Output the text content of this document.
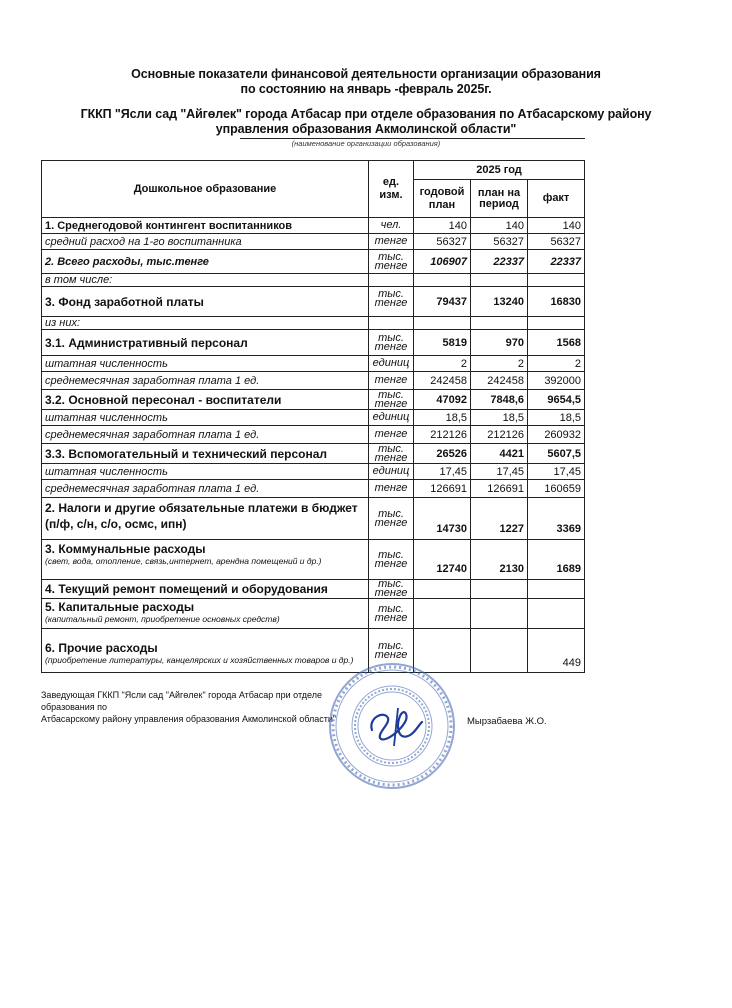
Основные показатели финансовой деятельности организации образования
по состоянию на январь -февраль 2025г.
ГККП "Ясли сад "Айгөлек" города Атбасар при отделе образования по Атбасарскому району
управления образования Акмолинской области"
(наименование организации образования)
Дошкольное образование	ед. изм.	2025 год		
		годовой план	план на период	факт
1. Среднегодовой контингент воспитанников	чел.	140	140	140
средний расход на 1-го воспитанника	тенге	56327	56327	56327
2. Всего расходы, тыс.тенге	тыс. тенге	106907	22337	22337
в том числе:				
3. Фонд заработной платы	тыс. тенге	79437	13240	16830
из них:				
3.1. Административный персонал	тыс. тенге	5819	970	1568
штатная численность	единиц	2	2	2
среднемесячная заработная плата 1 ед.	тенге	242458	242458	392000
3.2. Основной пересонал - воспитатели	тыс. тенге	47092	7848,6	9654,5
штатная численность	единиц	18,5	18,5	18,5
среднемесячная заработная плата 1 ед.	тенге	212126	212126	260932
3.3. Вспомогательный и технический персонал	тыс. тенге	26526	4421	5607,5
штатная численность	единиц	17,45	17,45	17,45
среднемесячная заработная плата 1 ед.	тенге	126691	126691	160659
2. Налоги и другие обязательные платежи в бюджет (п/ф, с/н, с/о, осмс, ипн)	тыс. тенге	14730	1227	3369
3. Коммунальные расходы
(свет, вода, отопление, связь,интернет, арендна помещений и др.)	тыс. тенге	12740	2130	1689
4. Текущий ремонт помещений и оборудования	тыс. тенге			
5. Капитальные расходы
(капитальный ремонт, приобретение основных средств)	тыс. тенге			
6. Прочие расходы
(приобретение литературы, канцелярских и хозяйственных товаров и др.)	тыс. тенге			449
Заведующая ГККП "Ясли сад "Айгөлек" города Атбасар при отделе образования по
Атбасарскому району управления образования Акмолинской области"	Мырзабаева Ж.О.
